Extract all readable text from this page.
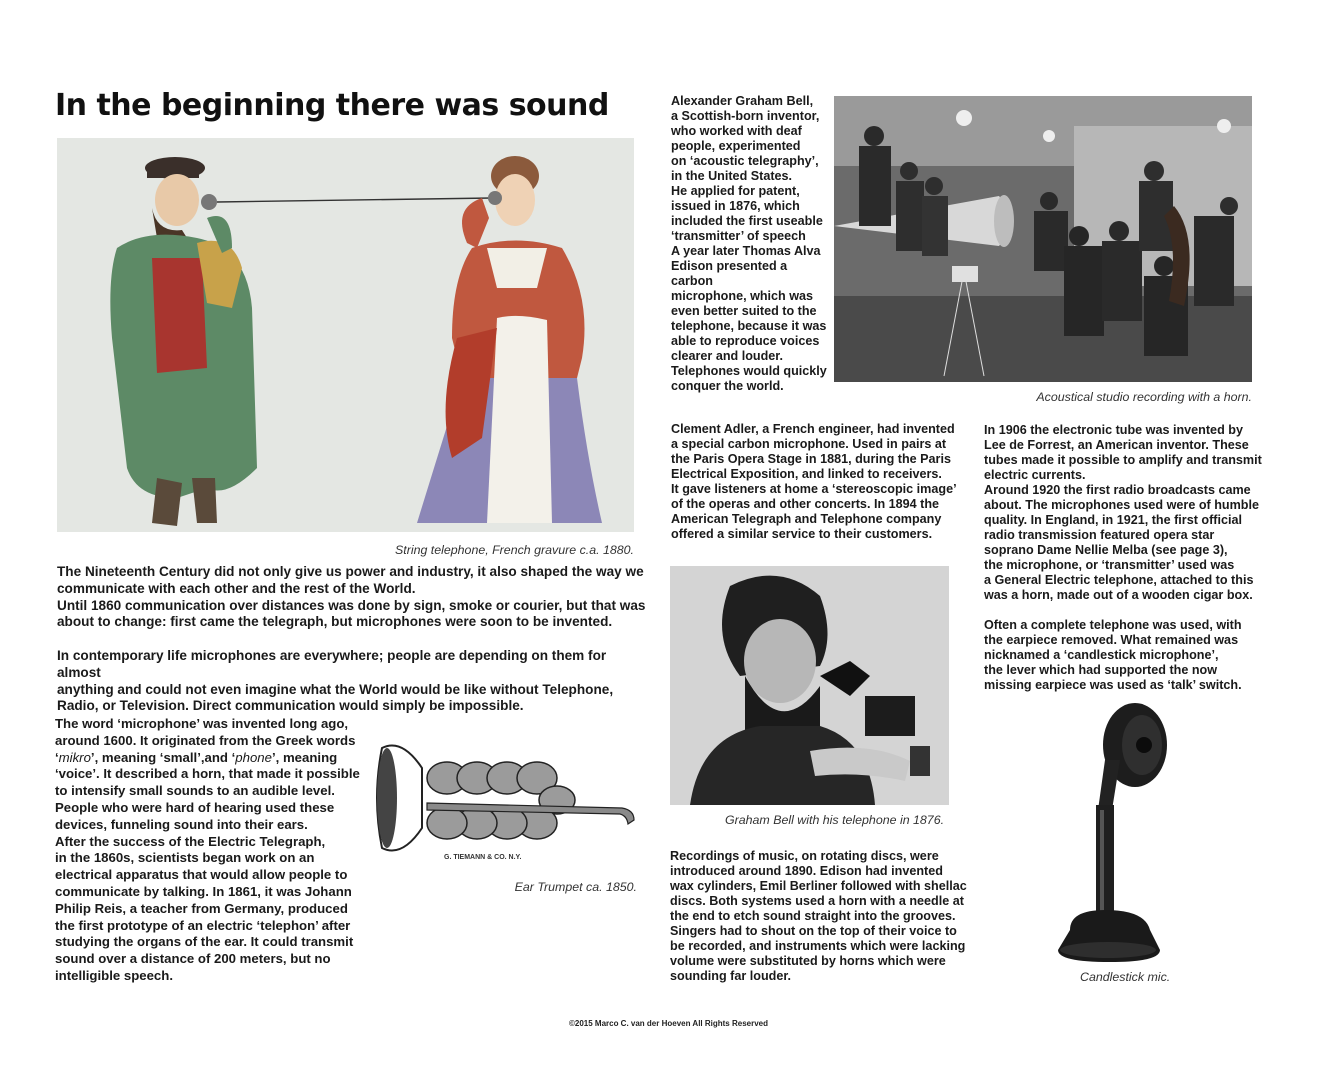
In the beginning there was sound
String telephone, French gravure c.a. 1880.
Alexander Graham Bell,
a Scottish-born inventor,
who worked with deaf
people, experimented
on ‘acoustic telegraphy’,
in the United States.
He applied for patent,
issued in 1876, which
included the first useable
‘transmitter’ of speech
A year later Thomas Alva
Edison presented a carbon
microphone, which was
even better suited to the
telephone, because it was
able to reproduce voices
clearer and louder.
Telephones would quickly
conquer the world.
Acoustical studio recording with a horn.
The Nineteenth Century did not only give us power and industry, it also shaped the way we
communicate with each other and the rest of the World.
Until 1860 communication over distances was done by sign, smoke or courier, but that was
about to change: first came the telegraph, but microphones were soon to be invented.
In contemporary life microphones are everywhere; people are depending on them for almost
anything and could not even imagine what the World would be like without Telephone,
Radio, or Television. Direct communication would simply be impossible.
The word ‘microphone’ was invented long ago,
around 1600. It originated from the Greek words
‘mikro’, meaning ‘small’,and ‘phone’, meaning
‘voice’. It described a horn, that made it possible
to intensify small sounds to an audible level.
People who were hard of hearing used these
devices, funneling sound into their ears.
After the success of the Electric Telegraph,
in the 1860s, scientists began work on an
electrical apparatus that would allow people to
communicate by talking. In 1861, it was Johann
Philip Reis, a teacher from Germany, produced
the first prototype of an electric ‘telephon’ after
studying the organs of the ear. It could transmit
sound over a distance of 200 meters, but no
intelligible speech.
G. TIEMANN & CO. N.Y.
Ear Trumpet ca. 1850.
Clement Adler, a French engineer, had invented
a special carbon microphone. Used in pairs at
the Paris Opera Stage in 1881, during the Paris
Electrical Exposition, and linked to receivers.
It gave listeners at home a ‘stereoscopic image’
of the operas and other concerts. In 1894 the
American Telegraph and Telephone company
offered a similar service to their customers.
In 1906 the electronic tube was invented by
Lee de Forrest, an American inventor. These
tubes made it possible to amplify and transmit
electric currents.
Around 1920 the first radio broadcasts came
about. The microphones used were of humble
quality. In England, in 1921, the first official
radio transmission featured opera star
soprano Dame Nellie Melba (see page 3),
the microphone, or ‘transmitter’ used was
a General Electric telephone, attached to this
was a horn, made out of a wooden cigar box.
Often a complete telephone was used, with
the earpiece removed. What remained was
nicknamed a ‘candlestick microphone’,
the lever which had supported the now
missing earpiece was used as ‘talk’ switch.
Graham Bell with his telephone in 1876.
Recordings of music, on rotating discs, were
introduced around 1890. Edison had invented
wax cylinders, Emil Berliner followed with shellac
discs. Both systems used a horn with a needle at
the end to etch sound straight into the grooves.
Singers had to shout on the top of their voice to
be recorded, and instruments which were lacking
volume were substituted by horns which were
sounding far louder.	Candlestick mic.
©2015 Marco C. van der Hoeven All Rights Reserved
